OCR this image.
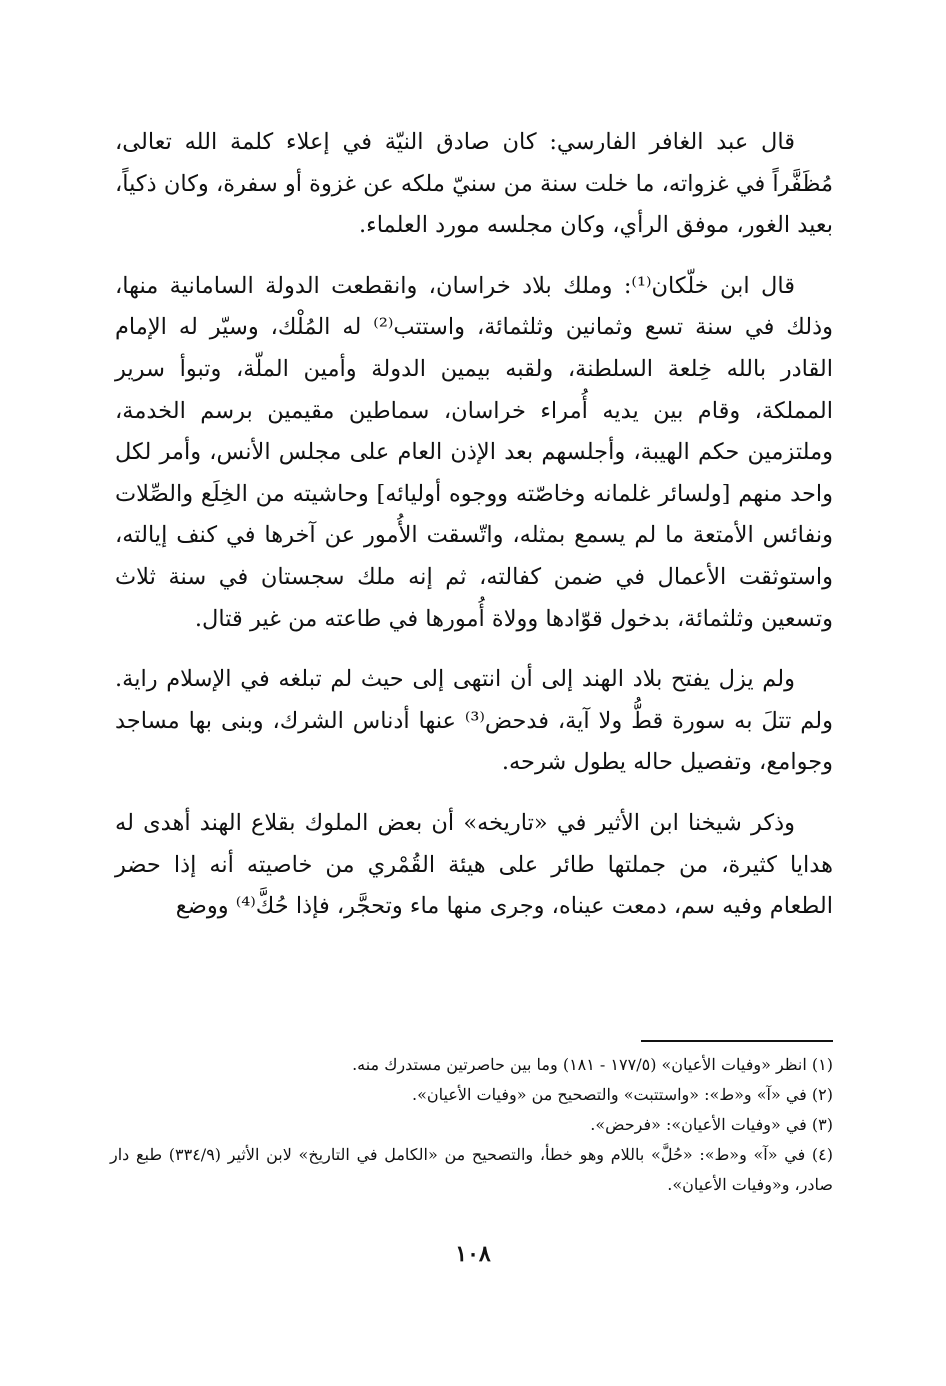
قال عبد الغافر الفارسي: كان صادق النيّة في إعلاء كلمة الله تعالى، مُظَفَّراً في غزواته، ما خلت سنة من سنيّ ملكه عن غزوة أو سفرة، وكان ذكياً، بعيد الغور، موفق الرأي، وكان مجلسه مورد العلماء.

قال ابن خلّكان⁽¹⁾: وملك بلاد خراسان، وانقطعت الدولة السامانية منها، وذلك في سنة تسع وثمانين وثلثمائة، واستتب⁽²⁾ له المُلْك، وسيّر له الإمام القادر بالله خِلعة السلطنة، ولقبه بيمين الدولة وأمين الملّة، وتبوأ سرير المملكة، وقام بين يديه أُمراء خراسان، سماطين مقيمين برسم الخدمة، وملتزمين حكم الهيبة، وأجلسهم بعد الإذن العام على مجلس الأنس، وأمر لكل واحد منهم [ولسائر غلمانه وخاصّته ووجوه أوليائه] وحاشيته من الخِلَع والصِّلات ونفائس الأمتعة ما لم يسمع بمثله، واتّسقت الأُمور عن آخرها في كنف إيالته، واستوثقت الأعمال في ضمن كفالته، ثم إنه ملك سجستان في سنة ثلاث وتسعين وثلثمائة، بدخول قوّادها وولاة أُمورها في طاعته من غير قتال.

ولم يزل يفتح بلاد الهند إلى أن انتهى إلى حيث لم تبلغه في الإسلام راية. ولم تتلَ به سورة قطُّ ولا آية، فدحض⁽³⁾ عنها أدناس الشرك، وبنى بها مساجد وجوامع، وتفصيل حاله يطول شرحه.

وذكر شيخنا ابن الأثير في «تاريخه» أن بعض الملوك بقلاع الهند أهدى له هدايا كثيرة، من جملتها طائر على هيئة القُمْري من خاصيته أنه إذا حضر الطعام وفيه سم، دمعت عيناه، وجرى منها ماء وتحجَّر، فإذا حُكَّ⁽⁴⁾ ووضع

(١) انظر «وفيات الأعيان» (١٧٧/٥ - ١٨١) وما بين حاصرتين مستدرك منه.

(٢) في «آ» و«ط»: «واستتبت» والتصحيح من «وفيات الأعيان».

(٣) في «وفيات الأعيان»: «فرحض».

(٤) في «آ» و«ط»: «حُلَّ» باللام وهو خطأ، والتصحيح من «الكامل في التاريخ» لابن الأثير (٣٣٤/٩) طبع دار صادر، و«وفيات الأعيان».

١٠٨
